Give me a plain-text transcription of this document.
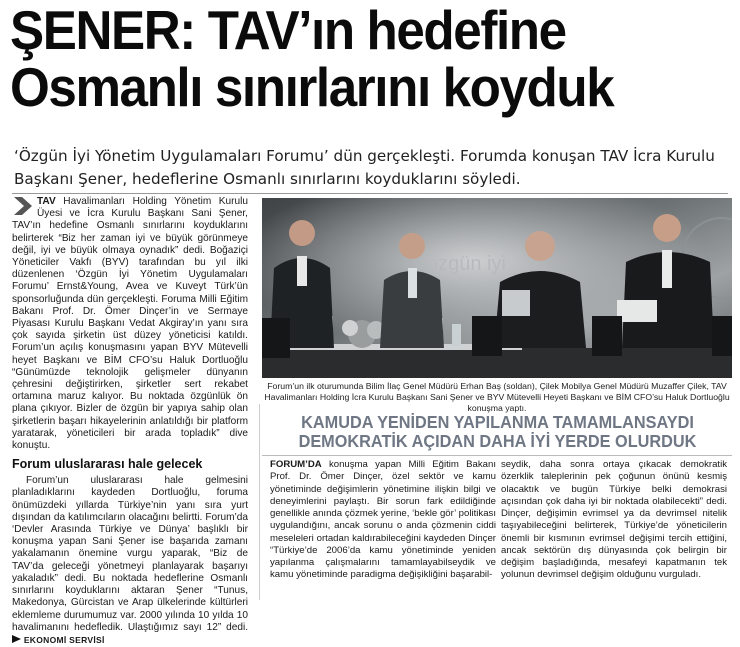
ŞENER: TAV’ın hedefine
Osmanlı sınırlarını koyduk
‘Özgün İyi Yönetim Uygulamaları Forumu’ dün gerçekleşti. Forumda konuşan TAV İcra Kurulu Başkanı Şener, hedeflerine Osmanlı sınırlarını koyduklarını söyledi.

TAV Havalimanları Holding Yönetim Kurulu Üyesi ve İcra Kurulu Başkanı Sani Şener, TAV’ın hedefine Osmanlı sınırlarını koyduklarını belirterek “Biz her zaman iyi ve büyük görünmeye değil, iyi ve büyük olmaya oynadık” dedi. Boğaziçi Yöneticiler Vakfı (BYV) tarafından bu yıl ilki düzenlenen ‘Özgün İyi Yönetim Uygulamaları Forumu’ Ernst&Young, Avea ve Kuveyt Türk’ün sponsorluğunda dün gerçekleşti. Foruma Milli Eğitim Bakanı Prof. Dr. Ömer Dinçer’in ve Sermaye Piyasası Kurulu Başkanı Vedat Akgiray’ın yanı sıra çok sayıda şirketin üst düzey yöneticisi katıldı. Forum’un açılış konuşmasını yapan BYV Mütevelli heyet Başkanı ve BİM CFO’su Haluk Dortluoğlu “Günümüzde teknolojik gelişmeler dünyanın çehresini değiştirirken, şirketler sert rekabet ortamına maruz kalıyor. Bu noktada özgünlük ön plana çıkıyor. Bizler de özgün bir yapıya sahip olan şirketlerin başarı hikayelerinin anlatıldığı bir platform yaratarak, yöneticileri bir arada topladık” dive konuştu.

Forum uluslararası hale gelecek

Forum’un uluslararası hale gelmesini planladıklarını kaydeden Dortluoğlu, foruma önümüzdeki yıllarda Türkiye’nin yanı sıra yurt dışından da katılımcıların olacağını belirtti. Forum’da ‘Devler Arasında Türkiye ve Dünya’ başlıklı bir konuşma yapan Sani Şener ise başarıda zamanı yakalamanın önemine vurgu yaparak, “Biz de TAV’da geleceği yönetmeyi planlayarak başarıyı yakaladık” dedi. Bu noktada hedeflerine Osmanlı sınırlarını koyduklarını aktaran Şener “Tunus, Makedonya, Gürcistan ve Arap ülkelerinde kültürleri eklemleme durumumuz var. 2000 yılında 10 yılda 10 havalimanını hedefledik. Ulaştığımız sayı 12” dedi.  EKONOMİ SERVİSİ

ozgün iyi
Forum’un ilk oturumunda Bilim İlaç Genel Müdürü Erhan Baş (soldan), Çilek Mobilya Genel Müdürü Muzaffer Çilek, TAV Havalimanları Holding İcra Kurulu Başkanı Sani Şener ve BYV Mütevelli Heyeti Başkanı ve BİM CFO’su Haluk Dortluoğlu konuşma yaptı.
KAMUDA YENİDEN YAPILANMA TAMAMLANSAYDI
DEMOKRATİK AÇIDAN DAHA İYİ YERDE OLURDUK
FORUM’DA konuşma yapan Milli Eğitim Bakanı Prof. Dr. Ömer Dinçer, özel sektör ve kamu yönetiminde değişimlerin yönetimine ilişkin bilgi ve deneyimlerini paylaştı. Bir sorun fark edildiğinde genellikle anında çözmek yerine, ‘bekle gör’ politikası uygulandığını, ancak sorunu o anda çözmenin ciddi meseleleri ortadan kaldırabileceğini kaydeden Dinçer “Türkiye’de 2006’da kamu yönetiminde yeniden yapılanma çalışmalarını tamamlayabilseydik ve kamu yönetiminde paradigma değişikliğini başarabil-
seydik, daha sonra ortaya çıkacak demokratik özerklik taleplerinin pek çoğunun önünü kesmiş olacaktık ve bugün Türkiye belki demokrasi açısından çok daha iyi bir noktada olabilecekti” dedi. Dinçer, değişimin evrimsel ya da devrimsel nitelik taşıyabileceğini belirterek, Türkiye’de yöneticilerin önemli bir kısmının evrimsel değişimi tercih ettiğini, ancak sektörün dış dünyasında çok belirgin bir değişim başladığında, mesafeyi kapatmanın tek yolunun devrimsel değişim olduğunu vurguladı.
